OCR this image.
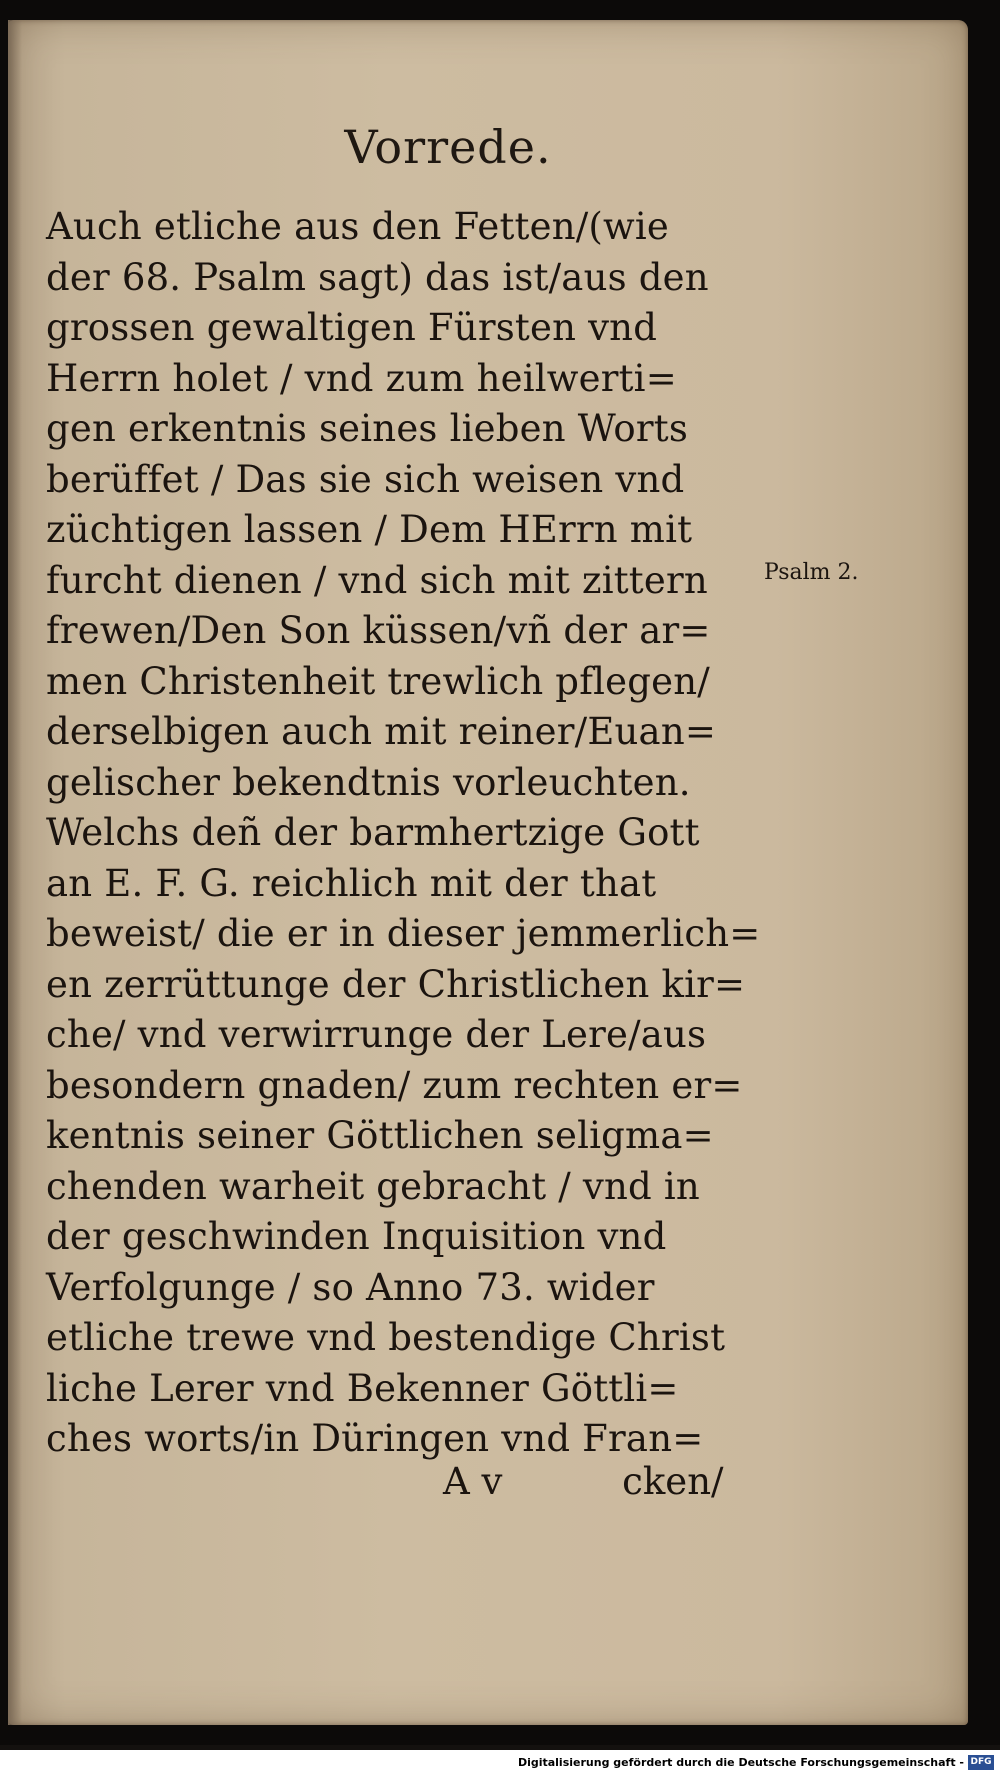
Vorrede.
Auch etliche aus den Fetten/(wie
der 68. Psalm sagt) das ist/aus den
grossen gewaltigen Fürsten vnd
Herrn holet / vnd zum heilwerti=
gen erkentnis seines lieben Worts
berüffet / Das sie sich weisen vnd
züchtigen lassen / Dem HErrn mit
furcht dienen / vnd sich mit zittern
frewen/Den Son küssen/vñ der ar=
men Christenheit trewlich pflegen/
derselbigen auch mit reiner/Euan=
gelischer bekendtnis vorleuchten.
Welchs deñ der barmhertzige Gott
an E. F. G. reichlich mit der that
beweist/ die er in dieser jemmerlich=
en zerrüttunge der Christlichen kir=
che/ vnd verwirrunge der Lere/aus
besondern gnaden/ zum rechten er=
kentnis seiner Göttlichen seligma=
chenden warheit gebracht / vnd in
der geschwinden Inquisition vnd
Verfolgunge / so Anno 73. wider
etliche trewe vnd bestendige Christ
liche Lerer vnd Bekenner Göttli=
ches worts/in Düringen vnd Fran=
Psalm 2.
A v	cken/
Digitalisierung gefördert durch die Deutsche Forschungsgemeinschaft - DFG
